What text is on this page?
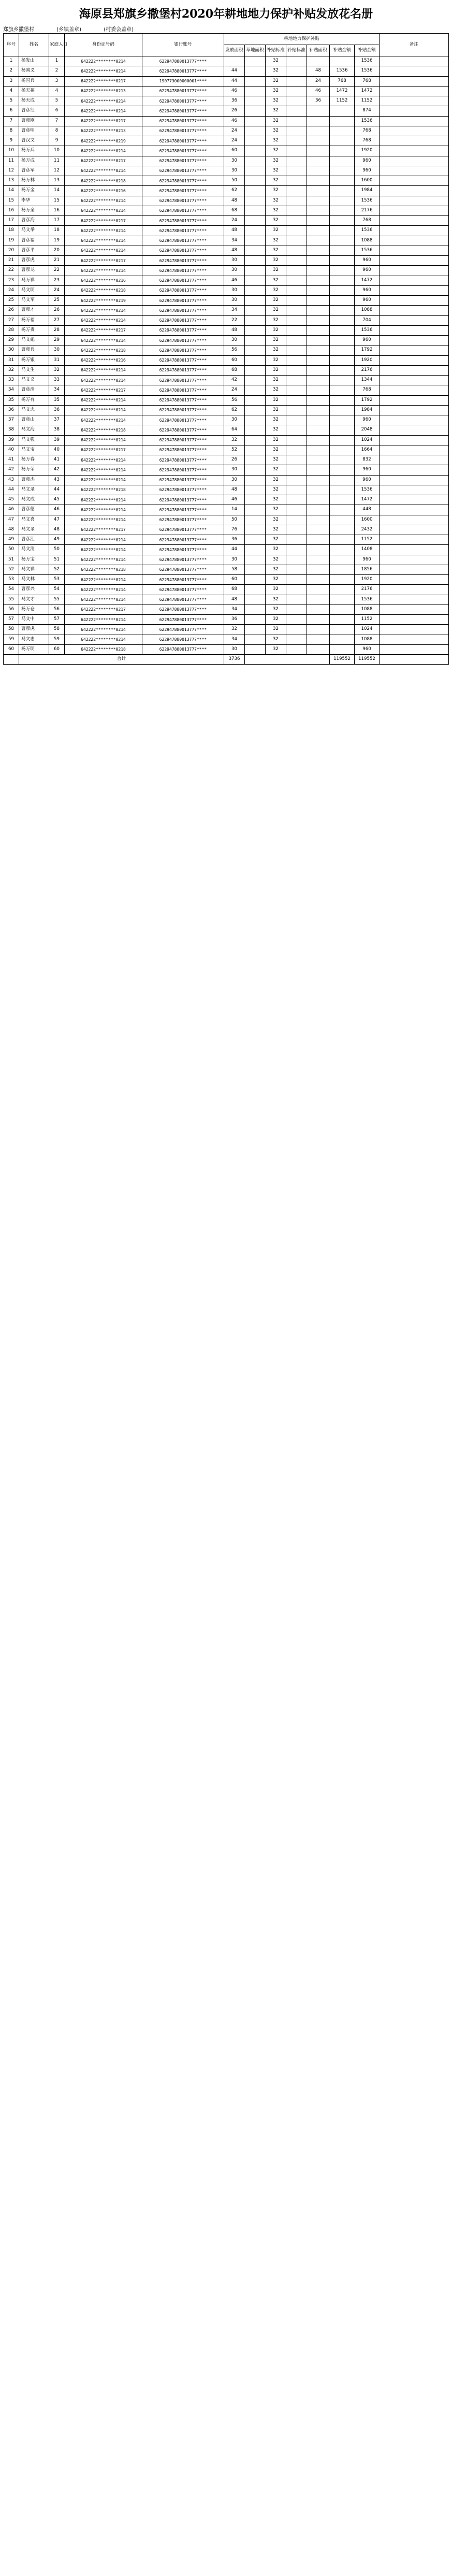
海原县郑旗乡撒堡村2020年耕地地力保护补贴发放花名册
郑旗乡撒堡村	(乡镇盖章)	(村委会盖章)
序号	姓名	家庭人口	身份证号码	银行账号	耕地地力保护补贴							备注
					发放面积	草地面积	补贴标准	补贴标准	补贴面积	补贴金额	补贴金额	
1	杨发山	1	642222********0214	622947880013777****			32				1536	
2	杨国义	2	642222********0214	622947880013777****	44		32		48	1536	1536	
3	杨国兵	3	642222********0217	190773000000001****	44		32		24	768	768	
4	杨天福	4	642222********0213	622947880013777****	46		32		46	1472	1472	
5	杨天成	5	642222********0214	622947880013777****	36		32		36	1152	1152	
6	曹彦红	6	642222********0214	622947880013777****	26		32				874	
7	曹彦刚	7	642222********0217	622947880013777****	46		32				1536	
8	曹彦明	8	642222********0213	622947880013777****	24		32				768	
9	曹汉文	9	642222********0219	622947880013777****	24		32				768	
10	杨万兵	10	642222********0214	622947880013777****	60		32				1920	
11	杨万成	11	642222********0217	622947880013777****	30		32				960	
12	曹彦军	12	642222********0214	622947880013777****	30		32				960	
13	杨万林	13	642222********0218	622947880013777****	50		32				1600	
14	杨万金	14	642222********0216	622947880013777****	62		32				1984	
15	李华	15	642222********0214	622947880013777****	48		32				1536	
16	杨万全	16	642222********0214	622947880013777****	68		32				2176	
17	曹彦海	17	642222********0217	622947880013777****	24		32				768	
18	马文举	18	642222********0214	622947880013777****	48		32				1536	
19	曹彦福	19	642222********0214	622947880013777****	34		32				1088	
20	曹彦平	20	642222********0214	622947880013777****	48		32				1536	
21	曹彦虎	21	642222********0217	622947880013777****	30		32				960	
22	曹彦龙	22	642222********0214	622947880013777****	30		32				960	
23	马万祥	23	642222********0216	622947880013777****	46		32				1472	
24	马文明	24	642222********0218	622947880013777****	30		32				960	
25	马文军	25	642222********0219	622947880013777****	30		32				960	
26	曹彦才	26	642222********0214	622947880013777****	34		32				1088	
27	杨万福	27	642222********0214	622947880013777****	22		32				704	
28	杨万贵	28	642222********0217	622947880013777****	48		32				1536	
29	马文彪	29	642222********0214	622947880013777****	30		32				960	
30	曹彦兵	30	642222********0218	622947880013777****	56		32				1792	
31	杨万银	31	642222********0216	622947880013777****	60		32				1920	
32	马文生	32	642222********0214	622947880013777****	68		32				2176	
33	马文义	33	642222********0214	622947880013777****	42		32				1344	
34	曹彦清	34	642222********0217	622947880013777****	24		32				768	
35	杨万有	35	642222********0214	622947880013777****	56		32				1792	
36	马文忠	36	642222********0214	622947880013777****	62		32				1984	
37	曹彦山	37	642222********0214	622947880013777****	30		32				960	
38	马文海	38	642222********0218	622947880013777****	64		32				2048	
39	马文强	39	642222********0214	622947880013777****	32		32				1024	
40	马文宝	40	642222********0217	622947880013777****	52		32				1664	
41	杨万春	41	642222********0214	622947880013777****	26		32				832	
42	杨万荣	42	642222********0214	622947880013777****	30		32				960	
43	曹彦杰	43	642222********0214	622947880013777****	30		32				960	
44	马文录	44	642222********0218	622947880013777****	48		32				1536	
45	马文成	45	642222********0214	622947880013777****	46		32				1472	
46	曹彦德	46	642222********0214	622947880013777****	14		32				448	
47	马文喜	47	642222********0214	622947880013777****	50		32				1600	
48	马文录	48	642222********0217	622947880013777****	76		32				2432	
49	曹彦江	49	642222********0214	622947880013777****	36		32				1152	
50	马文清	50	642222********0214	622947880013777****	44		32				1408	
51	杨万宝	51	642222********0214	622947880013777****	30		32				960	
52	马文祥	52	642222********0218	622947880013777****	58		32				1856	
53	马文林	53	642222********0214	622947880013777****	60		32				1920	
54	曹彦兴	54	642222********0214	622947880013777****	68		32				2176	
55	马文才	55	642222********0214	622947880013777****	48		32				1536	
56	杨万仓	56	642222********0217	622947880013777****	34		32				1088	
57	马文中	57	642222********0214	622947880013777****	36		32				1152	
58	曹彦虎	58	642222********0214	622947880013777****	32		32				1024	
59	马文忠	59	642222********0214	622947880013777****	34		32				1088	
60	杨万明	60	642222********0218	622947880013777****	30		32				960	
	合计				3736					119552	119552	
